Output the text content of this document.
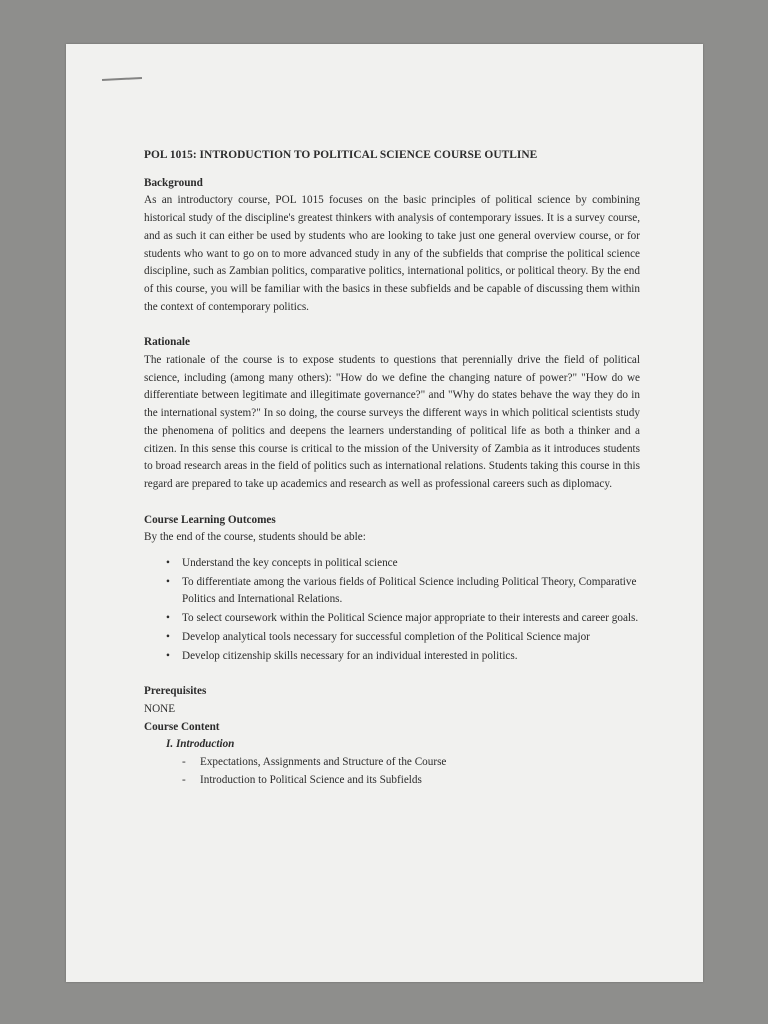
POL 1015: INTRODUCTION TO POLITICAL SCIENCE COURSE OUTLINE
Background

As an introductory course, POL 1015 focuses on the basic principles of political science by combining historical study of the discipline's greatest thinkers with analysis of contemporary issues. It is a survey course, and as such it can either be used by students who are looking to take just one general overview course, or for students who want to go on to more advanced study in any of the subfields that comprise the political science discipline, such as Zambian politics, comparative politics, international politics, or political theory. By the end of this course, you will be familiar with the basics in these subfields and be capable of discussing them within the context of contemporary politics.

Rationale

The rationale of the course is to expose students to questions that perennially drive the field of political science, including (among many others): "How do we define the changing nature of power?" "How do we differentiate between legitimate and illegitimate governance?" and "Why do states behave the way they do in the international system?" In so doing, the course surveys the different ways in which political scientists study the phenomena of politics and deepens the learners understanding of political life as both a thinker and a citizen. In this sense this course is critical to the mission of the University of Zambia as it introduces students to broad research areas in the field of politics such as international relations. Students taking this course in this regard are prepared to take up academics and research as well as professional careers such as diplomacy.

Course Learning Outcomes

By the end of the course, students should be able:

• Understand the key concepts in political science
• To differentiate among the various fields of Political Science including Political Theory, Comparative Politics and International Relations.
• To select coursework within the Political Science major appropriate to their interests and career goals.
• Develop analytical tools necessary for successful completion of the Political Science major
• Develop citizenship skills necessary for an individual interested in politics.
Prerequisites

NONE

Course Content
I. Introduction
- Expectations, Assignments and Structure of the Course
- Introduction to Political Science and its Subfields
